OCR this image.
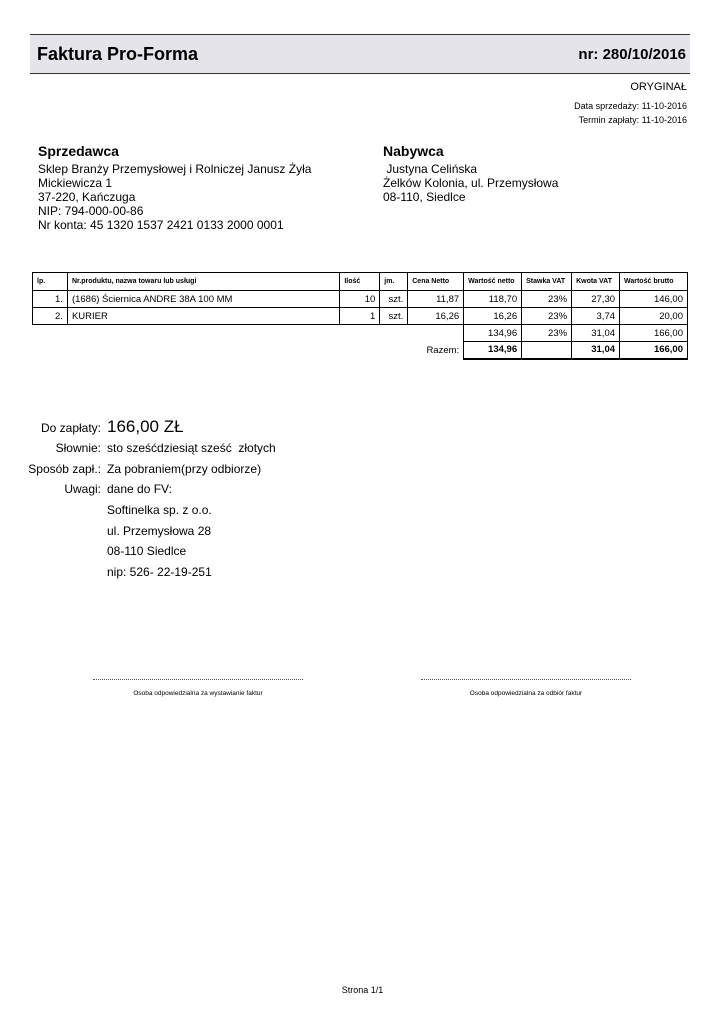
Faktura Pro-Forma	nr: 280/10/2016
ORYGINAŁ
Data sprzedaży: 11-10-2016
Termin zapłaty: 11-10-2016
Sprzedawca
Sklep Branży Przemysłowej i Rolniczej Janusz Żyła
Mickiewicza 1
37-220, Kańczuga
NIP: 794-000-00-86
Nr konta: 45 1320 1537 2421 0133 2000 0001
Nabywca
Justyna Celińska
Żelków Kolonia, ul. Przemysłowa
08-110, Siedlce
lp.	Nr.produktu, nazwa towaru lub usługi	Ilość	jm.	Cena Netto	Wartość netto	Stawka VAT	Kwota VAT	Wartość brutto
1.	(1686) Ściernica ANDRE 38A 100 MM	10	szt.	11,87	118,70	23%	27,30	146,00
2.	KURIER	1	szt.	16,26	16,26	23%	3,74	20,00
					134,96	23%	31,04	166,00
Razem:					134,96		31,04	166,00
Do zapłaty: 166,00 ZŁ
Słownie: sto sześćdziesiąt sześć  złotych
Sposób zapł.: Za pobraniem(przy odbiorze)
Uwagi: dane do FV:
Softinelka sp. z o.o.
ul. Przemysłowa 28
08-110 Siedlce
nip: 526- 22-19-251
Osoba odpowiedzialna za wystawianie faktur	Osoba odpowiedzialna za odbiór faktur
Strona 1/1
